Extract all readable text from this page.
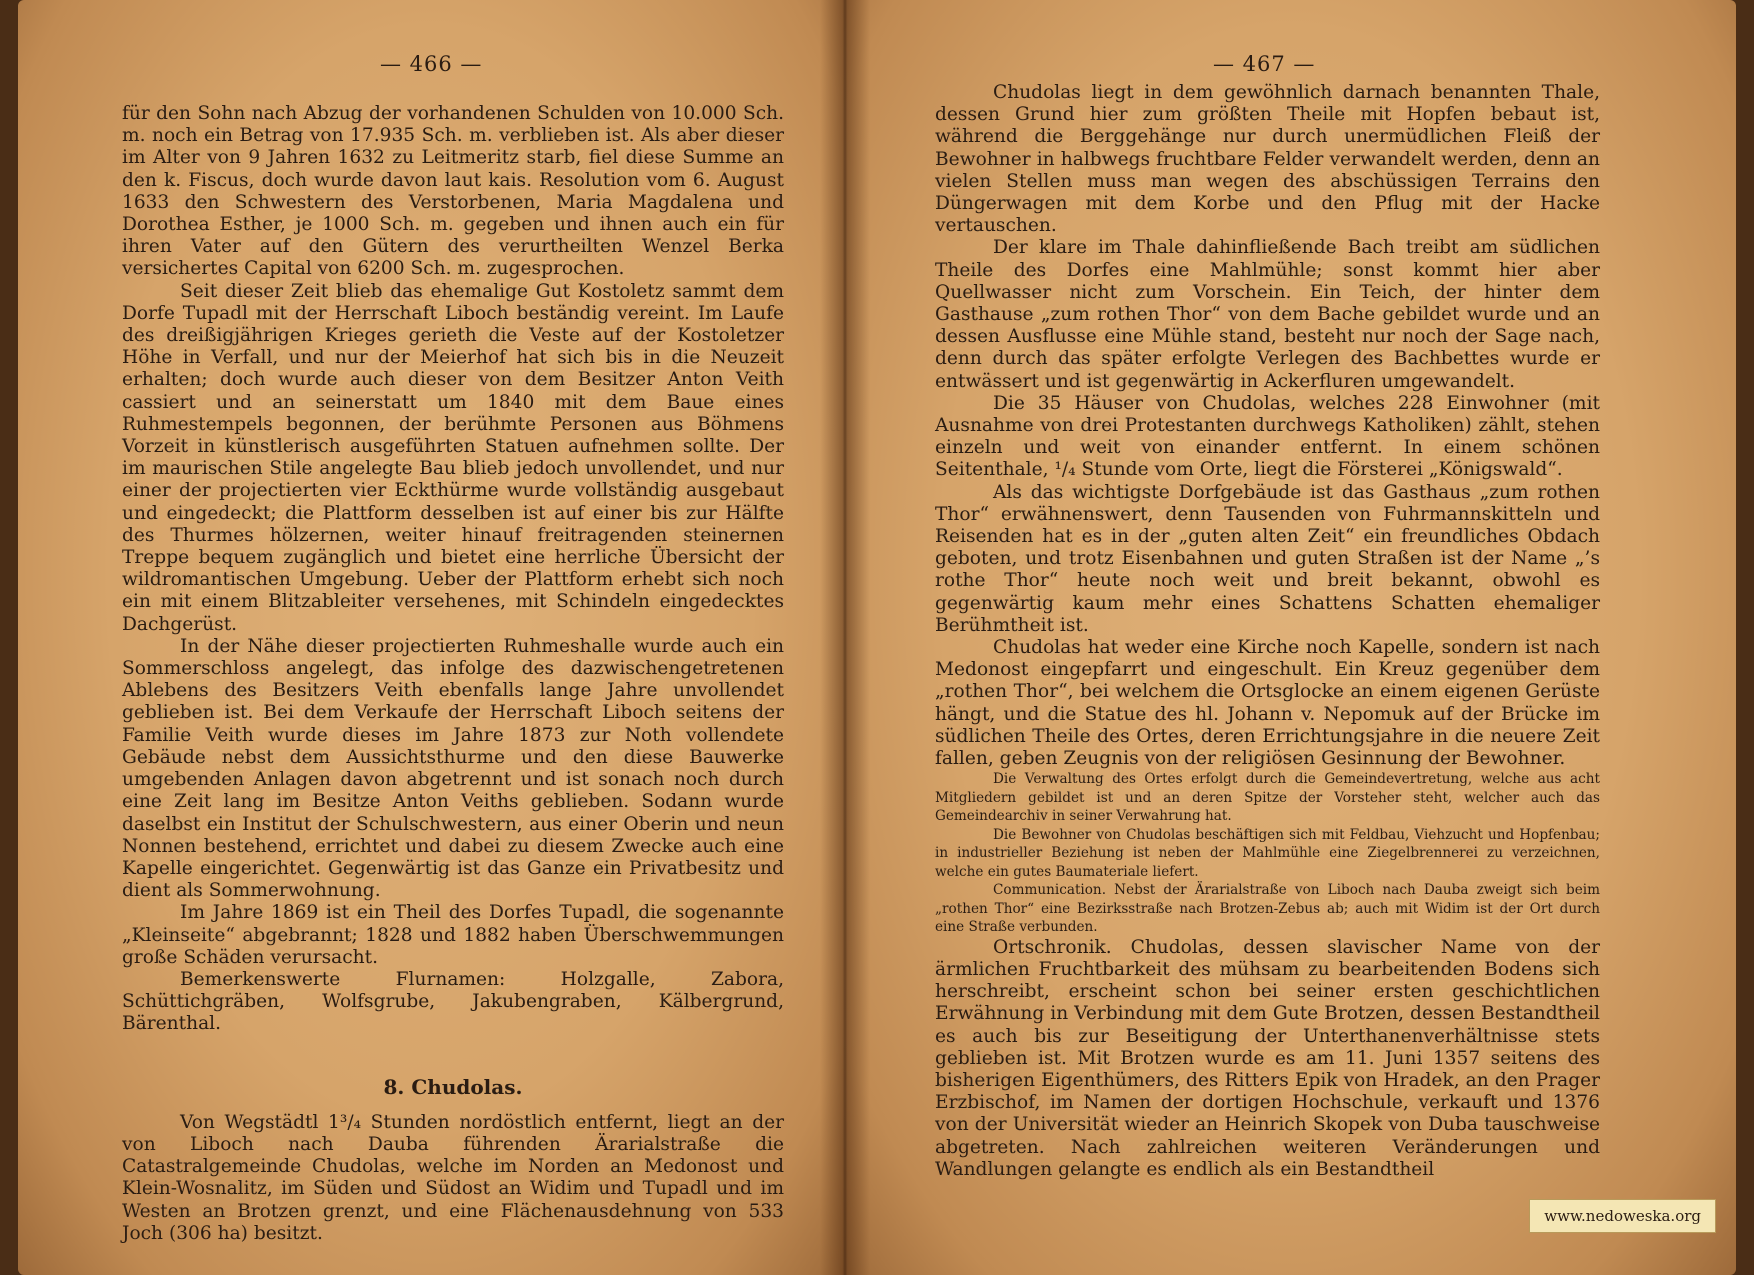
— 466 —

für den Sohn nach Abzug der vorhandenen Schulden von 10.000 Sch. m. noch ein Betrag von 17.935 Sch. m. verblieben ist. Als aber dieser im Alter von 9 Jahren 1632 zu Leitmeritz starb, fiel diese Summe an den k. Fiscus, doch wurde davon laut kais. Resolution vom 6. August 1633 den Schwestern des Verstorbenen, Maria Magdalena und Dorothea Esther, je 1000 Sch. m. gegeben und ihnen auch ein für ihren Vater auf den Gütern des verurtheilten Wenzel Berka versichertes Capital von 6200 Sch. m. zugesprochen.

Seit dieser Zeit blieb das ehemalige Gut Kostoletz sammt dem Dorfe Tupadl mit der Herrschaft Liboch beständig vereint. Im Laufe des dreißigjährigen Krieges gerieth die Veste auf der Kostoletzer Höhe in Verfall, und nur der Meierhof hat sich bis in die Neuzeit erhalten; doch wurde auch dieser von dem Besitzer Anton Veith cassiert und an seinerstatt um 1840 mit dem Baue eines Ruhmestempels begonnen, der berühmte Personen aus Böhmens Vorzeit in künstlerisch ausgeführten Statuen aufnehmen sollte. Der im maurischen Stile angelegte Bau blieb jedoch unvollendet, und nur einer der projectierten vier Eckthürme wurde vollständig ausgebaut und eingedeckt; die Plattform desselben ist auf einer bis zur Hälfte des Thurmes hölzernen, weiter hinauf freitragenden steinernen Treppe bequem zugänglich und bietet eine herrliche Übersicht der wildromantischen Umgebung. Ueber der Plattform erhebt sich noch ein mit einem Blitzableiter versehenes, mit Schindeln eingedecktes Dachgerüst.

In der Nähe dieser projectierten Ruhmeshalle wurde auch ein Sommerschloss angelegt, das infolge des dazwischengetretenen Ablebens des Besitzers Veith ebenfalls lange Jahre unvollendet geblieben ist. Bei dem Verkaufe der Herrschaft Liboch seitens der Familie Veith wurde dieses im Jahre 1873 zur Noth vollendete Gebäude nebst dem Aussichtsthurme und den diese Bauwerke umgebenden Anlagen davon abgetrennt und ist sonach noch durch eine Zeit lang im Besitze Anton Veiths geblieben. Sodann wurde daselbst ein Institut der Schulschwestern, aus einer Oberin und neun Nonnen bestehend, errichtet und dabei zu diesem Zwecke auch eine Kapelle eingerichtet. Gegenwärtig ist das Ganze ein Privatbesitz und dient als Sommerwohnung.

Im Jahre 1869 ist ein Theil des Dorfes Tupadl, die sogenannte „Kleinseite“ abgebrannt; 1828 und 1882 haben Überschwemmungen große Schäden verursacht.

Bemerkenswerte Flurnamen: Holzgalle, Zabora, Schüttichgräben, Wolfsgrube, Jakubengraben, Kälbergrund, Bärenthal.

8. Chudolas.

Von Wegstädtl 1³/₄ Stunden nordöstlich entfernt, liegt an der von Liboch nach Dauba führenden Ärarialstraße die Catastralgemeinde Chudolas, welche im Norden an Medonost und Klein-Wosnalitz, im Süden und Südost an Widim und Tupadl und im Westen an Brotzen grenzt, und eine Flächenausdehnung von 533 Joch (306 ha) besitzt.

— 467 —

Chudolas liegt in dem gewöhnlich darnach benannten Thale, dessen Grund hier zum größten Theile mit Hopfen bebaut ist, während die Berggehänge nur durch unermüdlichen Fleiß der Bewohner in halbwegs fruchtbare Felder verwandelt werden, denn an vielen Stellen muss man wegen des abschüssigen Terrains den Düngerwagen mit dem Korbe und den Pflug mit der Hacke vertauschen.

Der klare im Thale dahinfließende Bach treibt am südlichen Theile des Dorfes eine Mahlmühle; sonst kommt hier aber Quellwasser nicht zum Vorschein. Ein Teich, der hinter dem Gasthause „zum rothen Thor“ von dem Bache gebildet wurde und an dessen Ausflusse eine Mühle stand, besteht nur noch der Sage nach, denn durch das später erfolgte Verlegen des Bachbettes wurde er entwässert und ist gegenwärtig in Ackerfluren umgewandelt.

Die 35 Häuser von Chudolas, welches 228 Einwohner (mit Ausnahme von drei Protestanten durchwegs Katholiken) zählt, stehen einzeln und weit von einander entfernt. In einem schönen Seitenthale, ¹/₄ Stunde vom Orte, liegt die Försterei „Königswald“.

Als das wichtigste Dorfgebäude ist das Gasthaus „zum rothen Thor“ erwähnenswert, denn Tausenden von Fuhrmannskitteln und Reisenden hat es in der „guten alten Zeit“ ein freundliches Obdach geboten, und trotz Eisenbahnen und guten Straßen ist der Name „’s rothe Thor“ heute noch weit und breit bekannt, obwohl es gegenwärtig kaum mehr eines Schattens Schatten ehemaliger Berühmtheit ist.

Chudolas hat weder eine Kirche noch Kapelle, sondern ist nach Medonost eingepfarrt und eingeschult. Ein Kreuz gegenüber dem „rothen Thor“, bei welchem die Ortsglocke an einem eigenen Gerüste hängt, und die Statue des hl. Johann v. Nepomuk auf der Brücke im südlichen Theile des Ortes, deren Errichtungsjahre in die neuere Zeit fallen, geben Zeugnis von der religiösen Gesinnung der Bewohner.

Die Verwaltung des Ortes erfolgt durch die Gemeindevertretung, welche aus acht Mitgliedern gebildet ist und an deren Spitze der Vorsteher steht, welcher auch das Gemeindearchiv in seiner Verwahrung hat.

Die Bewohner von Chudolas beschäftigen sich mit Feldbau, Viehzucht und Hopfenbau; in industrieller Beziehung ist neben der Mahlmühle eine Ziegelbrennerei zu verzeichnen, welche ein gutes Baumateriale liefert.

Communication. Nebst der Ärarialstraße von Liboch nach Dauba zweigt sich beim „rothen Thor“ eine Bezirksstraße nach Brotzen-Zebus ab; auch mit Widim ist der Ort durch eine Straße verbunden.

Ortschronik. Chudolas, dessen slavischer Name von der ärmlichen Fruchtbarkeit des mühsam zu bearbeitenden Bodens sich herschreibt, erscheint schon bei seiner ersten geschichtlichen Erwähnung in Verbindung mit dem Gute Brotzen, dessen Bestandtheil es auch bis zur Beseitigung der Unterthanenverhältnisse stets geblieben ist. Mit Brotzen wurde es am 11. Juni 1357 seitens des bisherigen Eigenthümers, des Ritters Epik von Hradek, an den Prager Erzbischof, im Namen der dortigen Hochschule, verkauft und 1376 von der Universität wieder an Heinrich Skopek von Duba tauschweise abgetreten. Nach zahlreichen weiteren Veränderungen und Wandlungen gelangte es endlich als ein Bestandtheil

www.nedoweska.org
